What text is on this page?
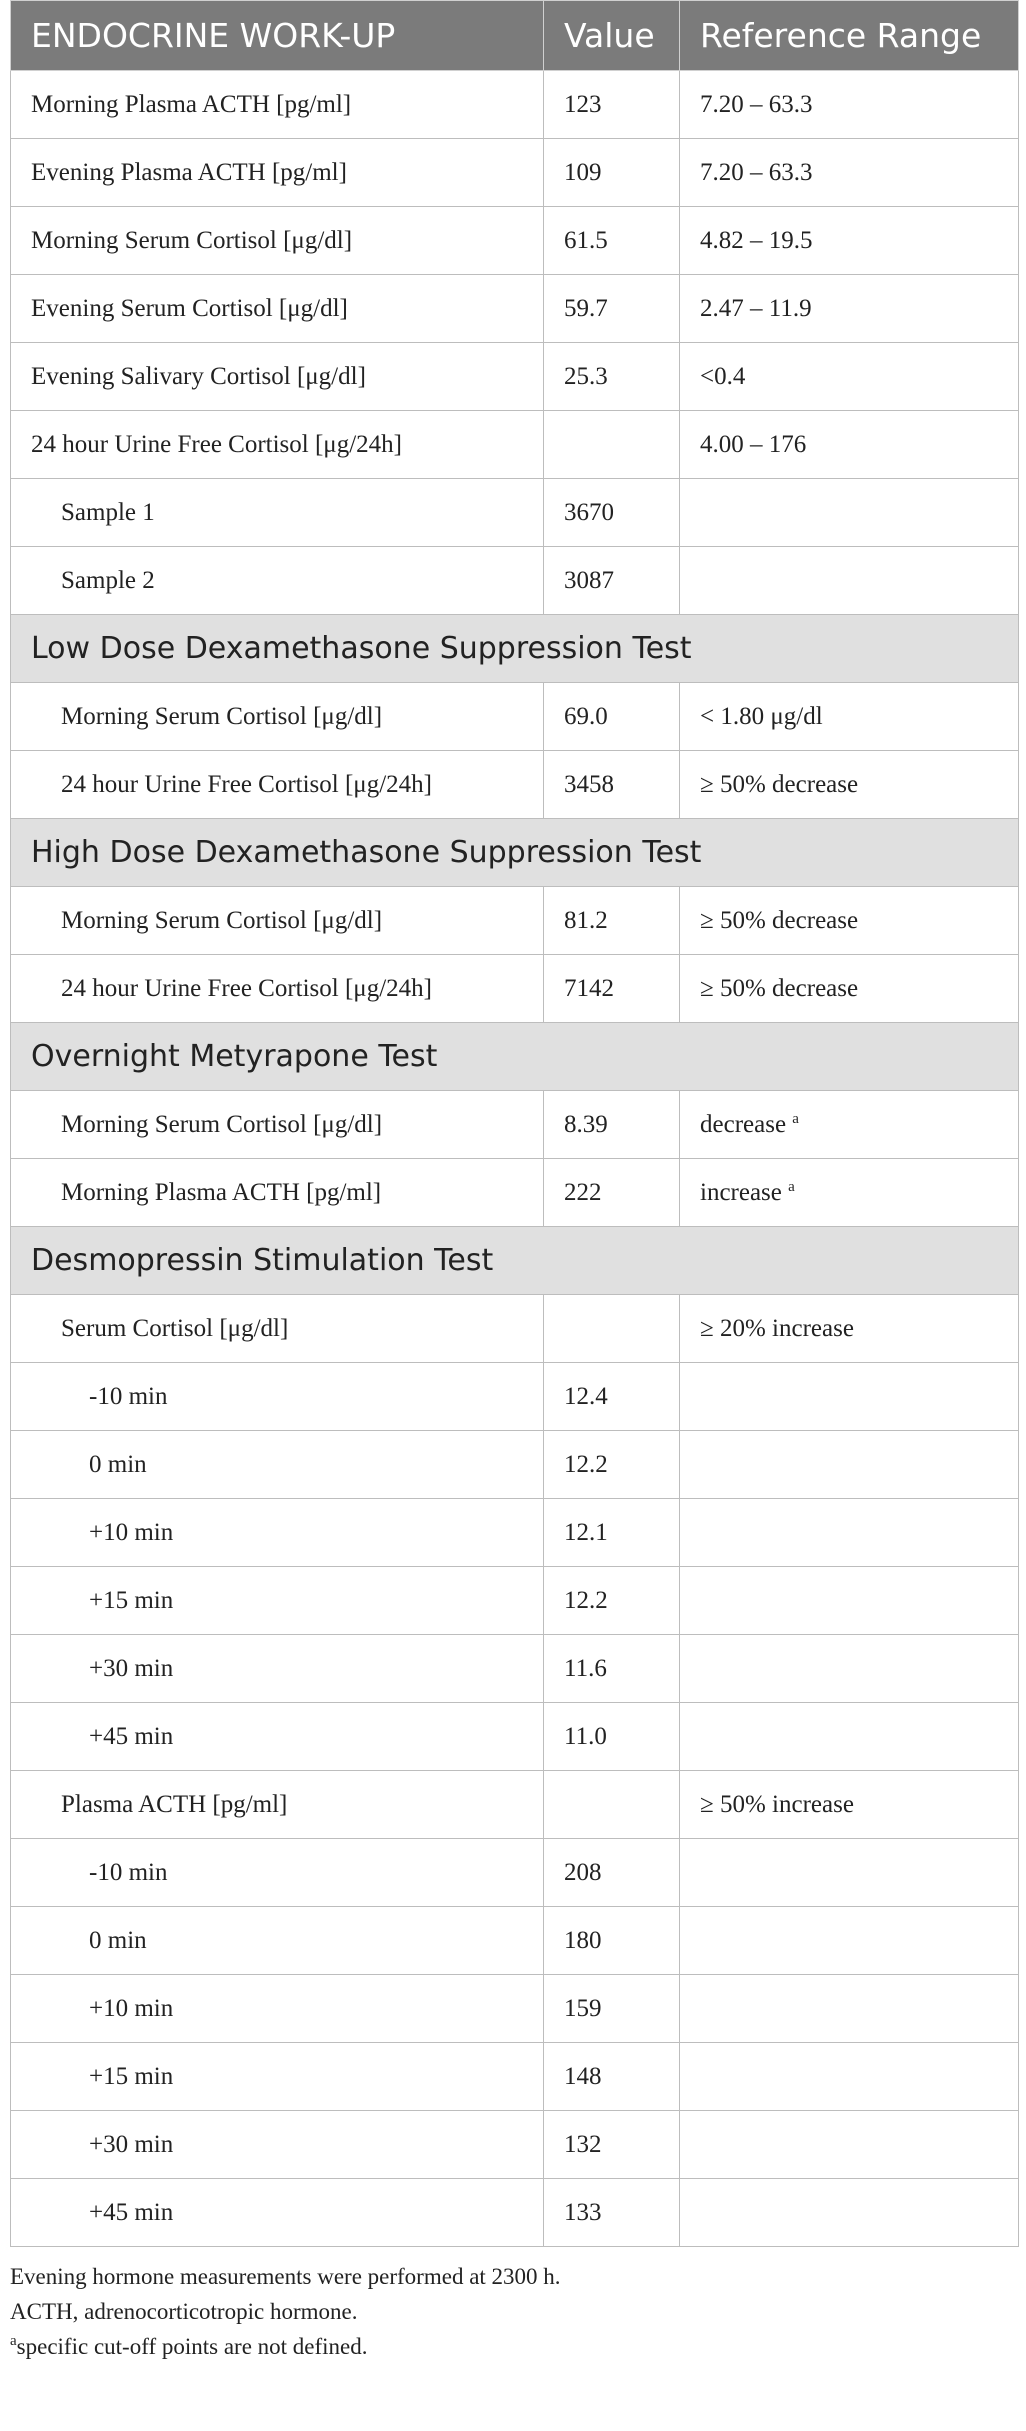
ENDOCRINE WORK-UP	Value	Reference Range
Morning Plasma ACTH [pg/ml]	123	7.20 – 63.3
Evening Plasma ACTH [pg/ml]	109	7.20 – 63.3
Morning Serum Cortisol [μg/dl]	61.5	4.82 – 19.5
Evening Serum Cortisol [μg/dl]	59.7	2.47 – 11.9
Evening Salivary Cortisol [μg/dl]	25.3	<0.4
24 hour Urine Free Cortisol [μg/24h]		4.00 – 176
Sample 1	3670	
Sample 2	3087	
Low Dose Dexamethasone Suppression Test		
Morning Serum Cortisol [μg/dl]	69.0	< 1.80 μg/dl
24 hour Urine Free Cortisol [μg/24h]	3458	≥ 50% decrease
High Dose Dexamethasone Suppression Test		
Morning Serum Cortisol [μg/dl]	81.2	≥ 50% decrease
24 hour Urine Free Cortisol [μg/24h]	7142	≥ 50% decrease
Overnight Metyrapone Test		
Morning Serum Cortisol [μg/dl]	8.39	decrease $^a$
Morning Plasma ACTH [pg/ml]	222	increase $^a$
Desmopressin Stimulation Test		
Serum Cortisol [μg/dl]		≥ 20% increase
-10 min	12.4	
0 min	12.2	
+10 min	12.1	
+15 min	12.2	
+30 min	11.6	
+45 min	11.0	
Plasma ACTH [pg/ml]		≥ 50% increase
-10 min	208	
0 min	180	
+10 min	159	
+15 min	148	
+30 min	132	
+45 min	133	
Evening hormone measurements were performed at 2300 h.
ACTH, adrenocorticotropic hormone.
$^a$specific cut-off points are not defined.
